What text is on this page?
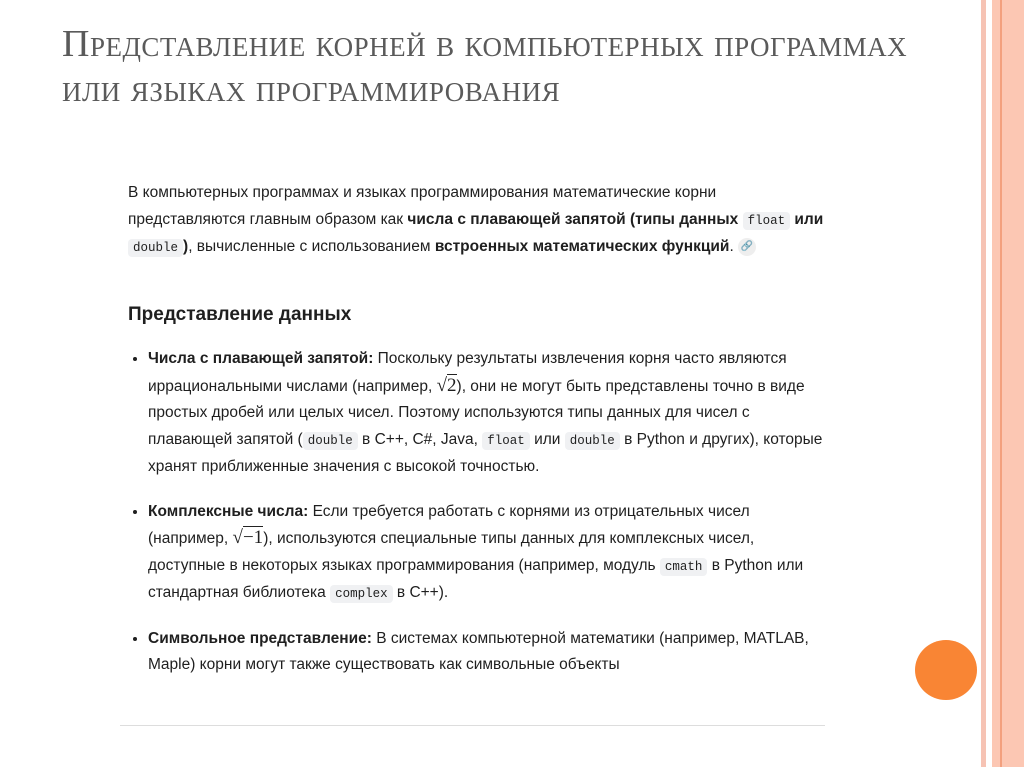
Представление корней в компьютерных программах или языках программирования

В компьютерных программах и языках программирования математические корни представляются главным образом как числа с плавающей запятой (типы данных float или double ), вычисленные с использованием встроенных математических функций. 🔗

Представление данных
• Числа с плавающей запятой: Поскольку результаты извлечения корня часто являются иррациональными числами (например, √2), они не могут быть представлены точно в виде простых дробей или целых чисел. Поэтому используются типы данных для чисел с плавающей запятой ( double в C++, C#, Java, float или double в Python и других), которые хранят приближенные значения с высокой точностью.
• Комплексные числа: Если требуется работать с корнями из отрицательных чисел (например, √−1), используются специальные типы данных для комплексных чисел, доступные в некоторых языках программирования (например, модуль cmath в Python или стандартная библиотека complex в C++).
• Символьное представление: В системах компьютерной математики (например, MATLAB, Maple) корни могут также существовать как символьные объекты
